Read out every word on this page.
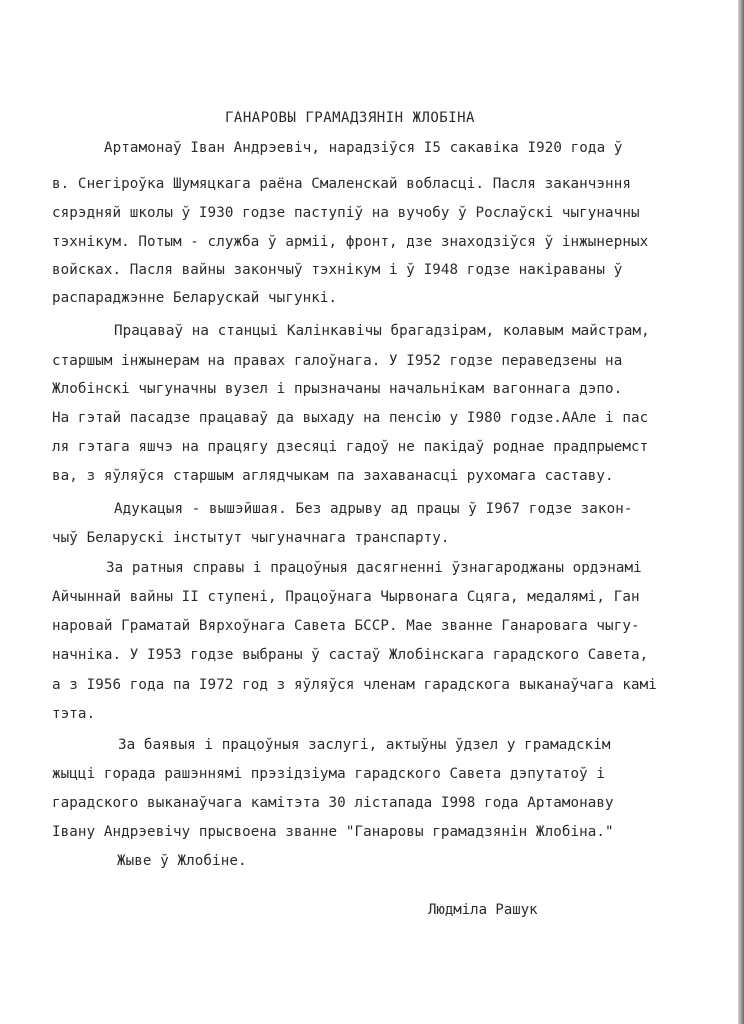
ГАНАРОВЫ ГРАМАДЗЯНІН ЖЛОБІНА
Артамонаў Іван Андрэевіч, нарадзіўся І5 сакавіка І920 года ў
в. Снегіроўка Шумяцкага раёна Смаленскай вобласці. Пасля заканчэння
сярэдняй школы ў І930 годзе паступіў на вучобу ў Рослаўскі чыгуначны
тэхнікум. Потым - служба ў арміі, фронт, дзе знаходзіўся ў інжынерных
войсках. Пасля вайны закончыў тэхнікум і ў І948 годзе накіраваны ў
распараджэнне Беларускай чыгункі.
Працаваў на станцыі Калінкавічы брагадзірам, колавым майстрам,
старшым інжынерам на правах галоўнага. У І952 годзе пераведзены на
Жлобінскі чыгуначны вузел і прызначаны начальнікам вагоннага дэпо.
На гэтай пасадзе працаваў да выхаду на пенсію у І980 годзе.ААле і пас
ля гэтага яшчэ на працягу дзесяці гадоў не пакідаў роднае прадпрыемст
ва, з яўляўся старшым аглядчыкам па захаванасці рухомага саставу.
Адукацыя - вышэйшая. Без адрыву ад працы ў І967 годзе закон-
чыў Беларускі інстытут чыгуначнага транспарту.
За ратныя справы і працоўныя дасягненні ўзнагароджаны ордэнамі
Айчыннай вайны ІІ ступені, Працоўнага Чырвонага Сцяга, медалямі, Ган
наровай Граматай Вярхоўнага Савета БССР. Мае званне Ганаровага чыгу-
начніка. У І953 годзе выбраны ў састаў Жлобінскага гарадского Савета,
а з І956 года па І972 год з яўляўся членам гарадскога выканаўчага камі
тэта.
За баявыя і працоўныя заслугі, актыўны ўдзел у грамадскім
жыцці горада рашэннямі прэзідзіума гарадского Савета дэпутатоў і
гарадского выканаўчага камітэта 30 лістапада І998 года Артамонаву
Івану Андрэевічу прысвоена званне "Ганаровы грамадзянін Жлобіна."
Жыве ў Жлобіне.
Людміла Рашук
